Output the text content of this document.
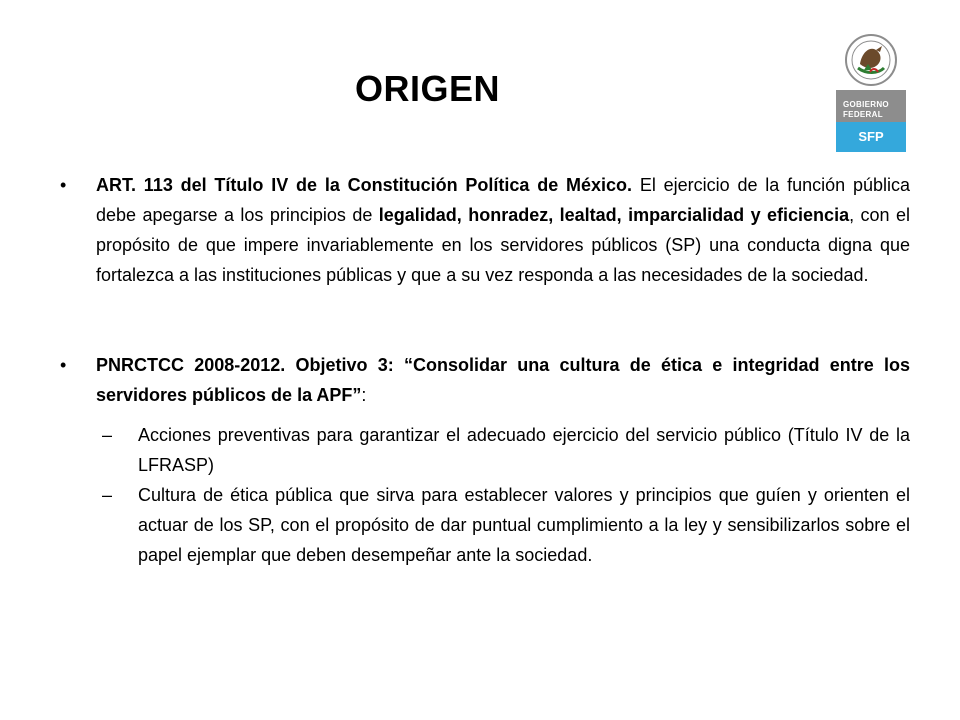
ORIGEN	GOBIERNO
FEDERAL
SFP

•	ART. 113 del Título IV de la Constitución Política de México. El ejercicio de la función pública debe apegarse a los principios de legalidad, honradez, lealtad, imparcialidad y eficiencia, con el propósito de que impere invariablemente en los servidores públicos (SP) una conducta digna que fortalezca a las instituciones públicas y que a su vez responda a las necesidades de la sociedad.

•	PNRCTCC 2008-2012. Objetivo 3: “Consolidar una cultura de ética e integridad entre los servidores públicos de la APF”:

– Acciones preventivas para garantizar el adecuado ejercicio del servicio público (Título IV de la LFRASP)

– Cultura de ética pública que sirva para establecer valores y principios que guíen y orienten el actuar de los SP, con el propósito de dar puntual cumplimiento a la ley y sensibilizarlos sobre el papel ejemplar que deben desempeñar ante la sociedad.
